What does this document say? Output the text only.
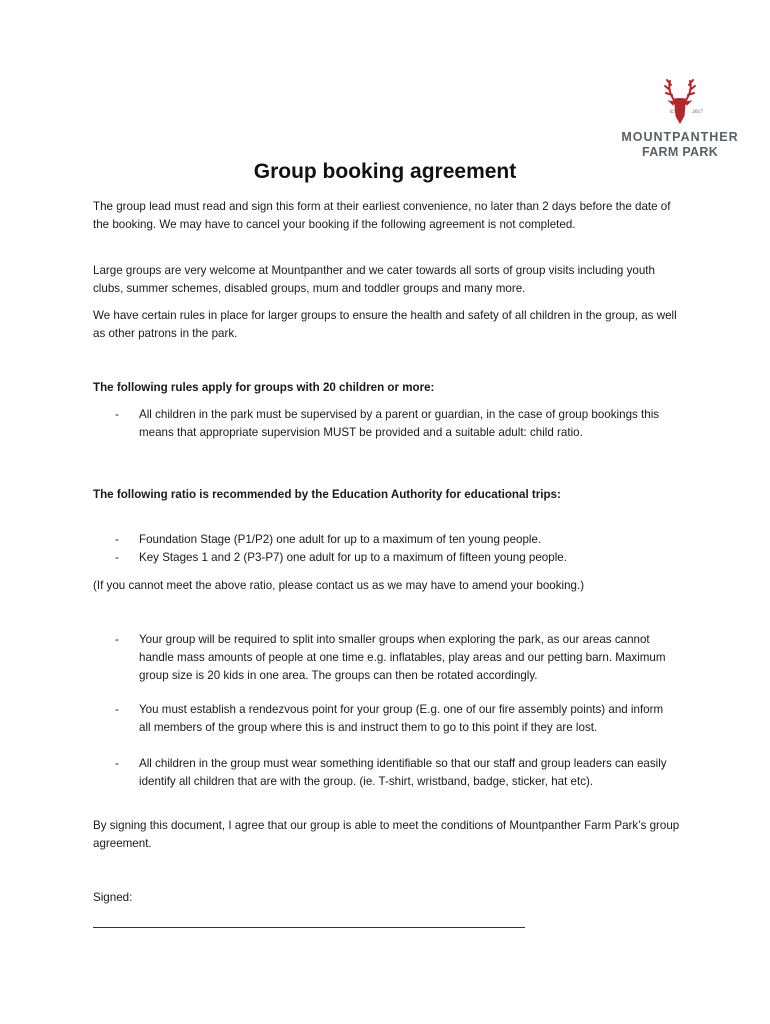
EST 2017
MOUNTPANTHER
FARM PARK
Group booking agreement

The group lead must read and sign this form at their earliest convenience, no later than 2 days before the date of the booking. We may have to cancel your booking if the following agreement is not completed.

Large groups are very welcome at Mountpanther and we cater towards all sorts of group visits including youth clubs, summer schemes, disabled groups, mum and toddler groups and many more.

We have certain rules in place for larger groups to ensure the health and safety of all children in the group, as well as other patrons in the park.

The following rules apply for groups with 20 children or more:

- All children in the park must be supervised by a parent or guardian, in the case of group bookings this means that appropriate supervision MUST be provided and a suitable adult: child ratio.

The following ratio is recommended by the Education Authority for educational trips:

- Foundation Stage (P1/P2) one adult for up to a maximum of ten young people.
- Key Stages 1 and 2 (P3-P7) one adult for up to a maximum of fifteen young people.

(If you cannot meet the above ratio, please contact us as we may have to amend your booking.)

- Your group will be required to split into smaller groups when exploring the park, as our areas cannot handle mass amounts of people at one time e.g. inflatables, play areas and our petting barn. Maximum group size is 20 kids in one area. The groups can then be rotated accordingly.
- You must establish a rendezvous point for your group (E.g. one of our fire assembly points) and inform all members of the group where this is and instruct them to go to this point if they are lost.
- All children in the group must wear something identifiable so that our staff and group leaders can easily identify all children that are with the group. (ie. T-shirt, wristband, badge, sticker, hat etc).

By signing this document, I agree that our group is able to meet the conditions of Mountpanther Farm Park’s group agreement.

Signed:
